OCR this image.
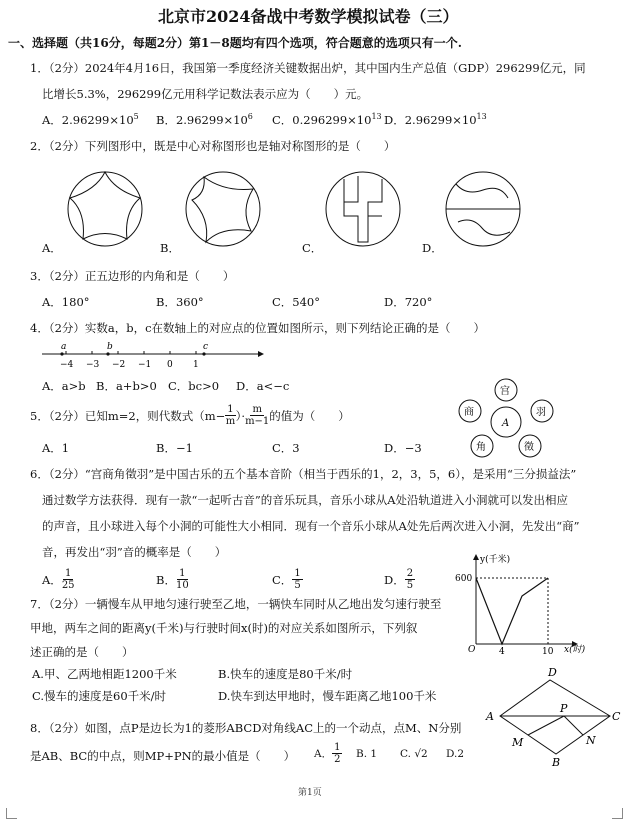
北京市2024备战中考数学模拟试卷（三）
一、选择题（共16分，每题2分）第1－8题均有四个选项，符合题意的选项只有一个.
1．（2分）2024年4月16日，我国第一季度经济关键数据出炉，其中国内生产总值（GDP）296299亿元，同
比增长5.3%，296299亿元用科学记数法表示应为（　　）元。
A．$2.96299\times 10^5$ B．$2.96299\times 10^6$ C．$0.296299\times 10^{13}$ D．$2.96299\times 10^{13}$
2．（2分）下列图形中，既是中心对称图形也是轴对称图形的是（　　）
A．	B．	C．	D．
3．（2分）正五边形的内角和是（　　）
A．180°	B．360°	C．540°	D．720°
4．（2分）实数a，b，c在数轴上的对应点的位置如图所示，则下列结论正确的是（　　）
a	b	c
−4 −3 −2 −1 0 1
A．a>b B．a+b>0 C．bc>0 D．a<−c	宫
商	羽
角	徵
A
5．（2分）已知m=2，则代数式（$m- \frac{1}{m}$ ）· $\frac{m}{m-1}$ 的值为（　　）
A．1	B．−1	C．3	D．−3
6．（2分）“宫商角徵羽”是中国古乐的五个基本音阶（相当于西乐的1，2，3，5，6），是采用“三分损益法”
通过数学方法获得．现有一款“一起听古音”的音乐玩具，音乐小球从A处沿轨道进入小洞就可以发出相应
的声音，且小球进入每个小洞的可能性大小相同．现有一个音乐小球从A处先后两次进入小洞，先发出“商”
音，再发出“羽”音的概率是（　　）
A． $\frac{1}{25}$	B． $\frac{1}{10}$	C． $\frac{1}{5}$	D． $\frac{2}{5}$
y(千米)
x(时)
O
600
4	10
7．（2分）一辆慢车从甲地匀速行驶至乙地，一辆快车同时从乙地出发匀速行驶至
甲地，两车之间的距离y(千米)与行驶时间x(时)的对应关系如图所示，下列叙
述正确的是（　　）
A.甲、乙两地相距1200千米	B.快车的速度是80千米/时
C.慢车的速度是60千米/时	D.快车到达甲地时，慢车距离乙地100千米
D
A
P
C
M	N
B
8．（2分）如图，点P是边长为1的菱形ABCD对角线AC上的一个动点，点M、N分别
是AB、BC的中点，则MP+PN的最小值是（　　） A． $\frac{1}{2} B$. 1 C. √2 D.2
第1页
